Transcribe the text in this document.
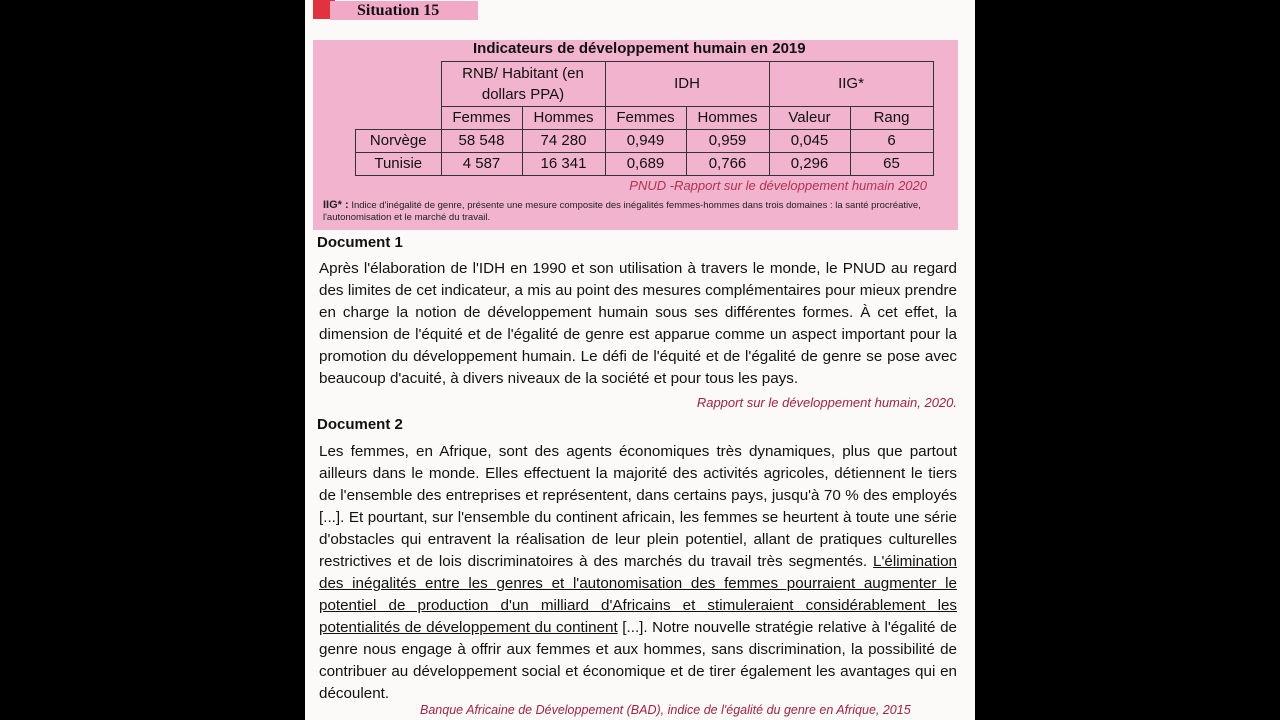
Situation 15
Indicateurs de développement humain en 2019
	RNB/ Habitant (en dollars PPA)		IDH		IIG*	
	Femmes	Hommes	Femmes	Hommes	Valeur	Rang
Norvège	58 548	74 280	0,949	0,959	0,045	6
Tunisie	4 587	16 341	0,689	0,766	0,296	65
PNUD -Rapport sur le développement humain 2020
IIG* : Indice d'inégalité de genre, présente une mesure composite des inégalités femmes-hommes dans trois domaines : la santé procréative, l'autonomisation et le marché du travail.
Document 1

Après l'élaboration de l'IDH en 1990 et son utilisation à travers le monde, le PNUD au regard des limites de cet indicateur, a mis au point des mesures complémentaires pour mieux prendre en charge la notion de développement humain sous ses différentes formes. À cet effet, la dimension de l'équité et de l'égalité de genre est apparue comme un aspect important pour la promotion du développement humain. Le défi de l'équité et de l'égalité de genre se pose avec beaucoup d'acuité, à divers niveaux de la société et pour tous les pays.

Rapport sur le développement humain, 2020.
Document 2

Les femmes, en Afrique, sont des agents économiques très dynamiques, plus que partout ailleurs dans le monde. Elles effectuent la majorité des activités agricoles, détiennent le tiers de l'ensemble des entreprises et représentent, dans certains pays, jusqu'à 70 % des employés [...]. Et pourtant, sur l'ensemble du continent africain, les femmes se heurtent à toute une série d'obstacles qui entravent la réalisation de leur plein potentiel, allant de pratiques culturelles restrictives et de lois discriminatoires à des marchés du travail très segmentés. L'élimination des inégalités entre les genres et l'autonomisation des femmes pourraient augmenter le potentiel de production d'un milliard d'Africains et stimuleraient considérablement les potentialités de développement du continent [...]. Notre nouvelle stratégie relative à l'égalité de genre nous engage à offrir aux femmes et aux hommes, sans discrimination, la possibilité de contribuer au développement social et économique et de tirer également les avantages qui en découlent.

Banque Africaine de Développement (BAD), indice de l'égalité du genre en Afrique, 2015
